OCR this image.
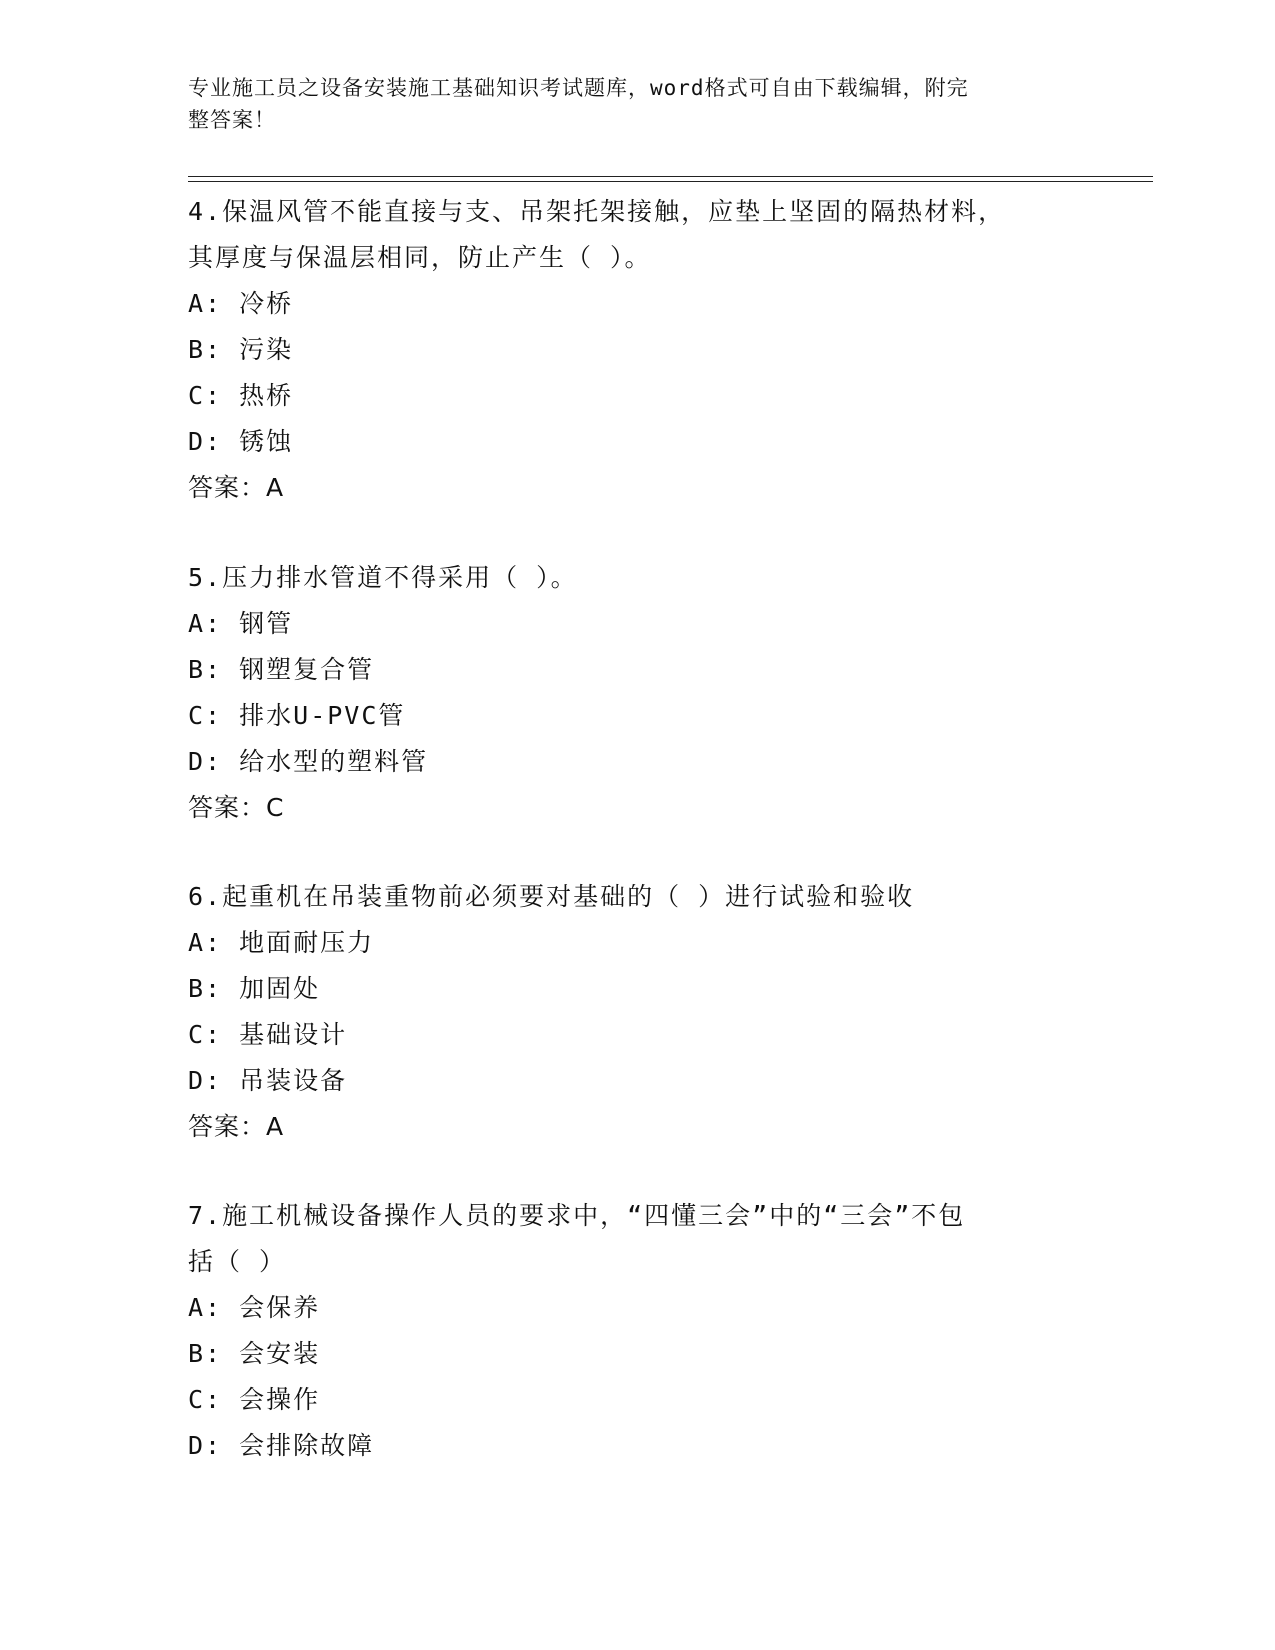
专业施工员之设备安装施工基础知识考试题库，word格式可自由下载编辑，附完
整答案！
4.保温风管不能直接与支、吊架托架接触，应垫上坚固的隔热材料，
其厚度与保温层相同，防止产生（ ）。
A: 冷桥
B: 污染
C: 热桥
D: 锈蚀
答案：A
5.压力排水管道不得采用（ ）。
A: 钢管
B: 钢塑复合管
C: 排水U-PVC管
D: 给水型的塑料管
答案：C
6.起重机在吊装重物前必须要对基础的（ ）进行试验和验收
A: 地面耐压力
B: 加固处
C: 基础设计
D: 吊装设备
答案：A
7.施工机械设备操作人员的要求中，“四懂三会”中的“三会”不包
括（ ）
A: 会保养
B: 会安装
C: 会操作
D: 会排除故障
